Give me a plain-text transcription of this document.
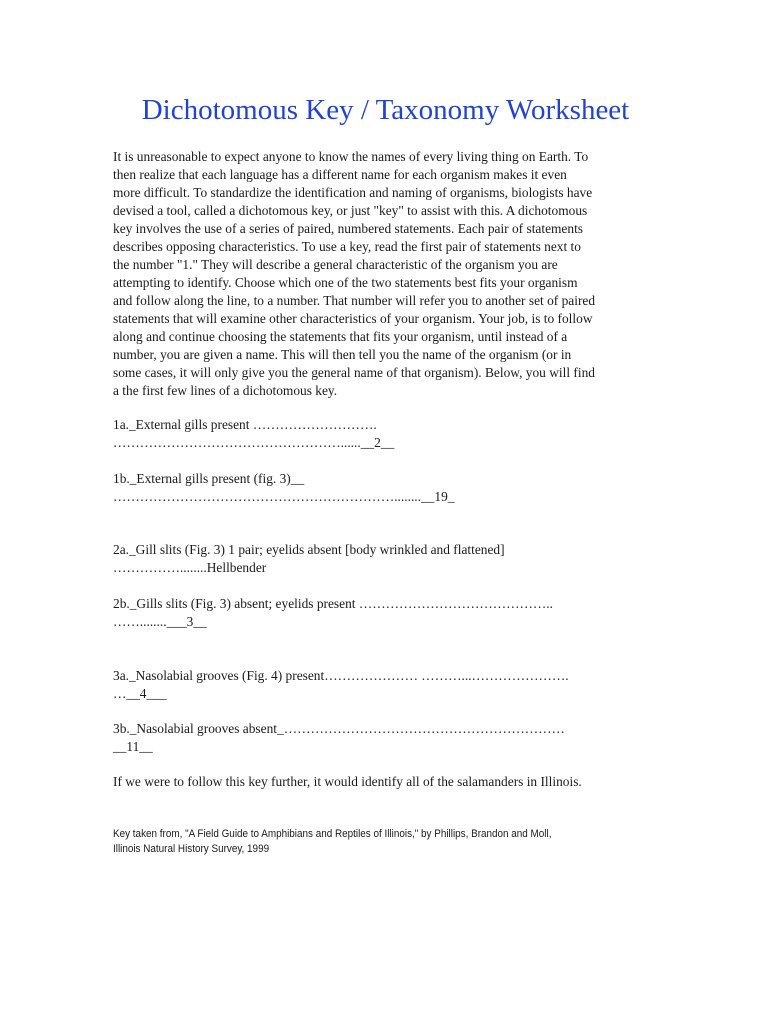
Dichotomous Key / Taxonomy Worksheet
It is unreasonable to expect anyone to know the names of every living thing on Earth. To
then realize that each language has a different name for each organism makes it even
more difficult. To standardize the identification and naming of organisms, biologists have
devised a tool, called a dichotomous key, or just "key" to assist with this. A dichotomous
key involves the use of a series of paired, numbered statements. Each pair of statements
describes opposing characteristics. To use a key, read the first pair of statements next to
the number "1." They will describe a general characteristic of the organism you are
attempting to identify. Choose which one of the two statements best fits your organism
and follow along the line, to a number. That number will refer you to another set of paired
statements that will examine other characteristics of your organism. Your job, is to follow
along and continue choosing the statements that fits your organism, until instead of a
number, you are given a name. This will then tell you the name of the organism (or in
some cases, it will only give you the general name of that organism). Below, you will find
a the first few lines of a dichotomous key.
1a._External gills present ……………………….
……………………………………………......__2__
1b._External gills present (fig. 3)__
………………………………………………………........__19_
2a._Gill slits (Fig. 3) 1 pair; eyelids absent [body wrinkled and flattened]
……………........Hellbender
2b._Gills slits (Fig. 3) absent; eyelids present ……………………………………..
……........___3__
3a._Nasolabial grooves (Fig. 4) present………………… ………...………………….
…__4___
3b._Nasolabial grooves absent_………………………………………………………
__11__
If we were to follow this key further, it would identify all of the salamanders in Illinois.
Key taken from, "A Field Guide to Amphibians and Reptiles of Illinois," by Phillips, Brandon and Moll,
Illinois Natural History Survey, 1999
